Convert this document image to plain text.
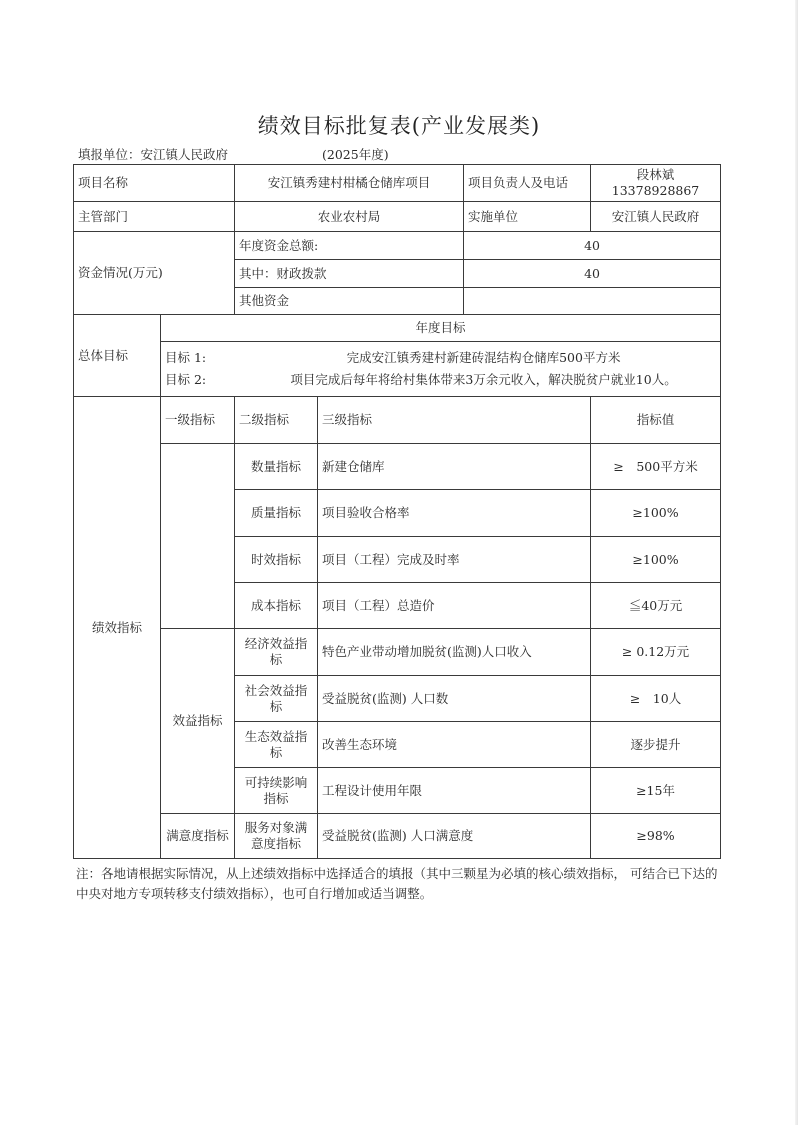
绩效目标批复表(产业发展类)
填报单位：安江镇人民政府	(2025年度)
项目名称		安江镇秀建村柑橘仓储库项目		项目负责人及电话	段林斌13378928867
主管部门		农业农村局		实施单位	安江镇人民政府
资金情况(万元)		年度资金总额:		40	
		其中：财政拨款		40	
		其他资金			
总体目标	年度目标				

	目标 1: 完成安江镇秀建村新建砖混结构仓储库500平方米
目标 2: 项目完成后每年将给村集体带来3万余元收入，解决脱贫户就业10人。				

绩效指标	一级指标	二级指标	三级指标		指标值
		数量指标	新建仓储库		≥　500平方米
		质量指标	项目验收合格率		≥100%
		时效指标	项目（工程）完成及时率		≥100%
		成本指标	项目（工程）总造价		≦40万元
	效益指标	经济效益指标	特色产业带动增加脱贫(监测)人口收入		≥ 0.12万元
		社会效益指标	受益脱贫(监测) 人口数		≥　10人
		生态效益指标	改善生态环境		逐步提升
		可持续影响指标	工程设计使用年限		≥15年
	满意度指标	服务对象满意度指标	受益脱贫(监测) 人口满意度		≥98%
注：各地请根据实际情况，从上述绩效指标中选择适合的填报（其中三颗星为必填的核心绩效指标， 可结合已下达的中央对地方专项转移支付绩效指标），也可自行增加或适当调整。
